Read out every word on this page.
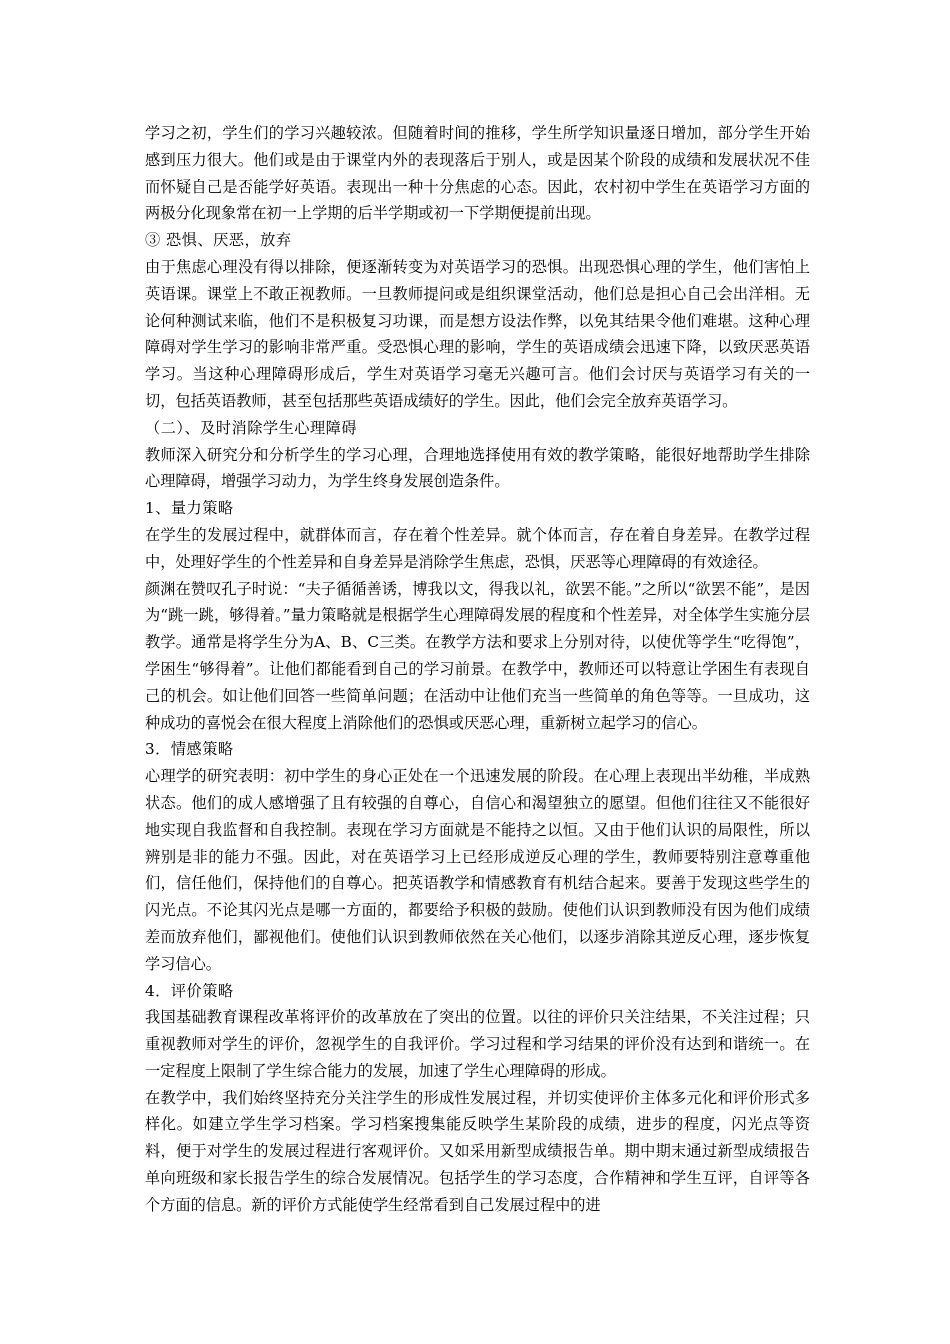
学习之初，学生们的学习兴趣较浓。但随着时间的推移，学生所学知识量逐日增加，部分学生开始感到压力很大。他们或是由于课堂内外的表现落后于别人，或是因某个阶段的成绩和发展状况不佳而怀疑自己是否能学好英语。表现出一种十分焦虑的心态。因此，农村初中学生在英语学习方面的两极分化现象常在初一上学期的后半学期或初一下学期便提前出现。

③ 恐惧、厌恶，放弃

由于焦虑心理没有得以排除，便逐渐转变为对英语学习的恐惧。出现恐惧心理的学生，他们害怕上英语课。课堂上不敢正视教师。一旦教师提问或是组织课堂活动，他们总是担心自己会出洋相。无论何种测试来临，他们不是积极复习功课，而是想方设法作弊，以免其结果令他们难堪。这种心理障碍对学生学习的影响非常严重。受恐惧心理的影响，学生的英语成绩会迅速下降，以致厌恶英语学习。当这种心理障碍形成后，学生对英语学习毫无兴趣可言。他们会讨厌与英语学习有关的一切，包括英语教师，甚至包括那些英语成绩好的学生。因此，他们会完全放弃英语学习。

（二）、及时消除学生心理障碍

教师深入研究分和分析学生的学习心理，合理地选择使用有效的教学策略，能很好地帮助学生排除心理障碍，增强学习动力，为学生终身发展创造条件。

1、量力策略

在学生的发展过程中，就群体而言，存在着个性差异。就个体而言，存在着自身差异。在教学过程中，处理好学生的个性差异和自身差异是消除学生焦虑，恐惧，厌恶等心理障碍的有效途径。

颜渊在赞叹孔子时说：“夫子循循善诱，博我以文，得我以礼，欲罢不能。”之所以“欲罢不能”，是因为“跳一跳，够得着。”量力策略就是根据学生心理障碍发展的程度和个性差异，对全体学生实施分层教学。通常是将学生分为A、B、C三类。在教学方法和要求上分别对待，以使优等学生“吃得饱”，学困生“够得着”。让他们都能看到自己的学习前景。在教学中，教师还可以特意让学困生有表现自己的机会。如让他们回答一些简单问题；在活动中让他们充当一些简单的角色等等。一旦成功，这种成功的喜悦会在很大程度上消除他们的恐惧或厌恶心理，重新树立起学习的信心。

3．情感策略

心理学的研究表明：初中学生的身心正处在一个迅速发展的阶段。在心理上表现出半幼稚，半成熟状态。他们的成人感增强了且有较强的自尊心，自信心和渴望独立的愿望。但他们往往又不能很好地实现自我监督和自我控制。表现在学习方面就是不能持之以恒。又由于他们认识的局限性，所以辨别是非的能力不强。因此，对在英语学习上已经形成逆反心理的学生，教师要特别注意尊重他们，信任他们，保持他们的自尊心。把英语教学和情感教育有机结合起来。要善于发现这些学生的闪光点。不论其闪光点是哪一方面的，都要给予积极的鼓励。使他们认识到教师没有因为他们成绩差而放弃他们，鄙视他们。使他们认识到教师依然在关心他们，以逐步消除其逆反心理，逐步恢复学习信心。

4．评价策略

我国基础教育课程改革将评价的改革放在了突出的位置。以往的评价只关注结果，不关注过程；只重视教师对学生的评价，忽视学生的自我评价。学习过程和学习结果的评价没有达到和谐统一。在一定程度上限制了学生综合能力的发展，加速了学生心理障碍的形成。

在教学中，我们始终坚持充分关注学生的形成性发展过程，并切实使评价主体多元化和评价形式多样化。如建立学生学习档案。学习档案搜集能反映学生某阶段的成绩，进步的程度，闪光点等资料，便于对学生的发展过程进行客观评价。又如采用新型成绩报告单。期中期末通过新型成绩报告单向班级和家长报告学生的综合发展情况。包括学生的学习态度，合作精神和学生互评，自评等各个方面的信息。新的评价方式能使学生经常看到自己发展过程中的进
